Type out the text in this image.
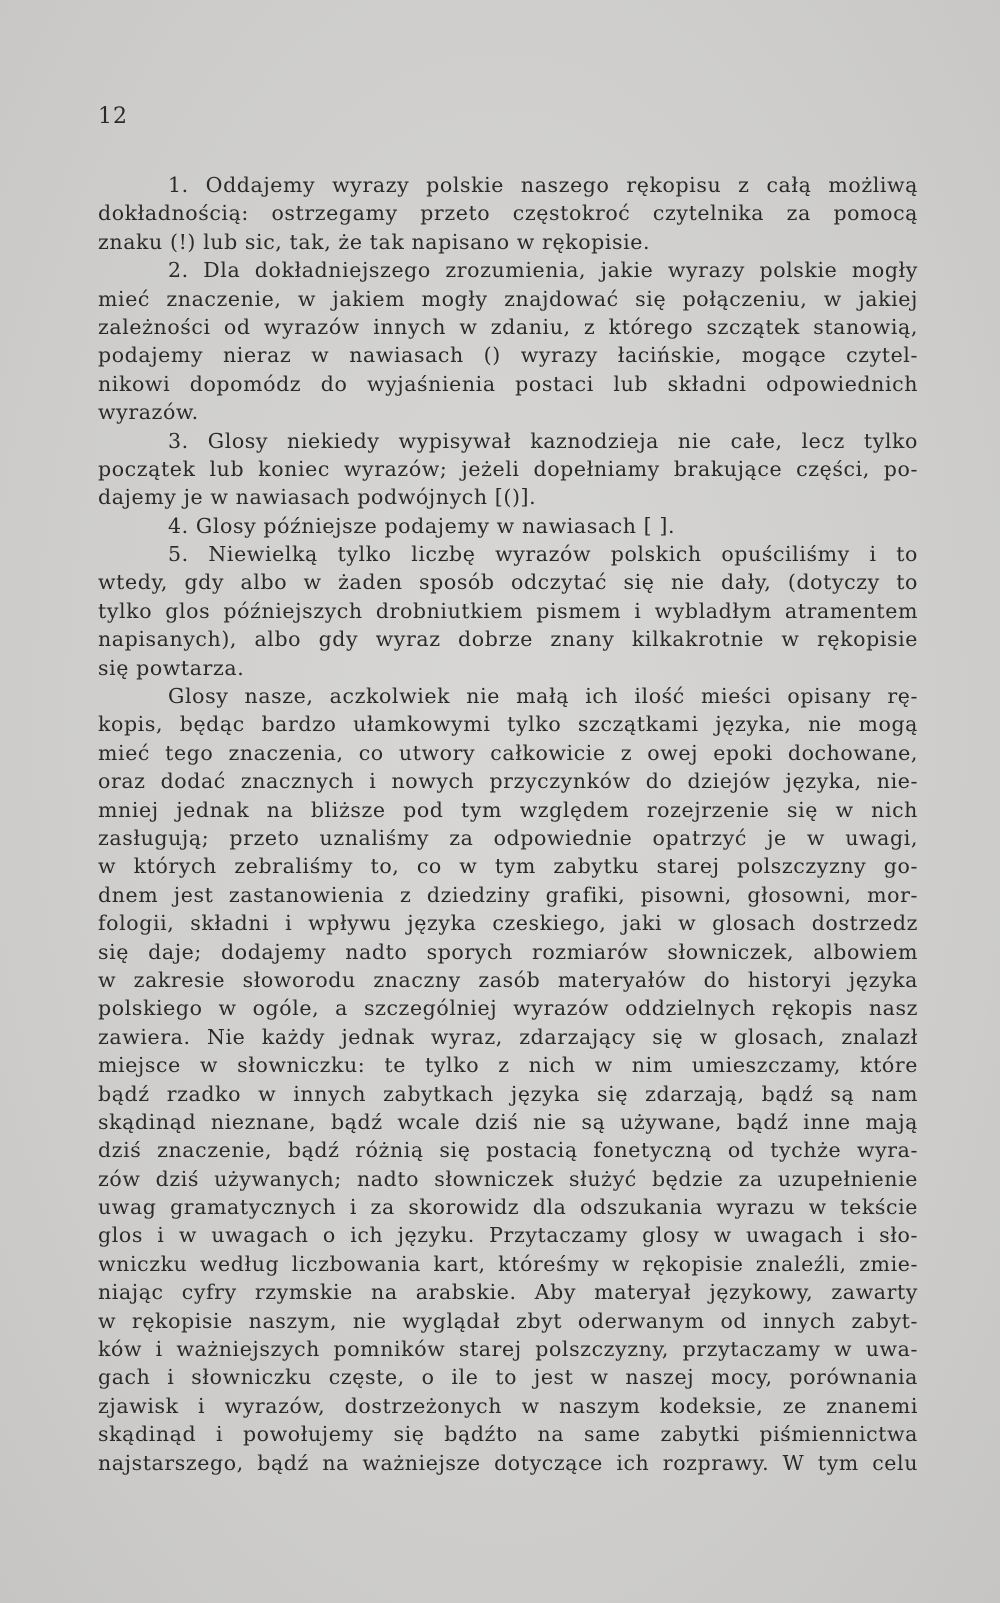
12
1. Oddajemy wyrazy polskie naszego rękopisu z całą możliwą
dokładnością: ostrzegamy przeto częstokroć czytelnika za pomocą
znaku (!) lub sic, tak, że tak napisano w rękopisie.
2. Dla dokładniejszego zrozumienia, jakie wyrazy polskie mogły
mieć znaczenie, w jakiem mogły znajdować się połączeniu, w jakiej
zależności od wyrazów innych w zdaniu, z którego szczątek stanowią,
podajemy nieraz w nawiasach () wyrazy łacińskie, mogące czytel-
nikowi dopomódz do wyjaśnienia postaci lub składni odpowiednich
wyrazów.
3. Glosy niekiedy wypisywał kaznodzieja nie całe, lecz tylko
początek lub koniec wyrazów; jeżeli dopełniamy brakujące części, po-
dajemy je w nawiasach podwójnych [()].
4. Glosy późniejsze podajemy w nawiasach [ ].
5. Niewielką tylko liczbę wyrazów polskich opuściliśmy i to
wtedy, gdy albo w żaden sposób odczytać się nie dały, (dotyczy to
tylko glos późniejszych drobniutkiem pismem i wybladłym atramentem
napisanych), albo gdy wyraz dobrze znany kilkakrotnie w rękopisie
się powtarza.
Glosy nasze, aczkolwiek nie małą ich ilość mieści opisany rę-
kopis, będąc bardzo ułamkowymi tylko szczątkami języka, nie mogą
mieć tego znaczenia, co utwory całkowicie z owej epoki dochowane,
oraz dodać znacznych i nowych przyczynków do dziejów języka, nie-
mniej jednak na bliższe pod tym względem rozejrzenie się w nich
zasługują; przeto uznaliśmy za odpowiednie opatrzyć je w uwagi,
w których zebraliśmy to, co w tym zabytku starej polszczyzny go-
dnem jest zastanowienia z dziedziny grafiki, pisowni, głosowni, mor-
fologii, składni i wpływu języka czeskiego, jaki w glosach dostrzedz
się daje; dodajemy nadto sporych rozmiarów słowniczek, albowiem
w zakresie słoworodu znaczny zasób materyałów do historyi języka
polskiego w ogóle, a szczególniej wyrazów oddzielnych rękopis nasz
zawiera. Nie każdy jednak wyraz, zdarzający się w glosach, znalazł
miejsce w słowniczku: te tylko z nich w nim umieszczamy, które
bądź rzadko w innych zabytkach języka się zdarzają, bądź są nam
skądinąd nieznane, bądź wcale dziś nie są używane, bądź inne mają
dziś znaczenie, bądź różnią się postacią fonetyczną od tychże wyra-
zów dziś używanych; nadto słowniczek służyć będzie za uzupełnienie
uwag gramatycznych i za skorowidz dla odszukania wyrazu w tekście
glos i w uwagach o ich języku. Przytaczamy glosy w uwagach i sło-
wniczku według liczbowania kart, któreśmy w rękopisie znaleźli, zmie-
niając cyfry rzymskie na arabskie. Aby materyał językowy, zawarty
w rękopisie naszym, nie wyglądał zbyt oderwanym od innych zabyt-
ków i ważniejszych pomników starej polszczyzny, przytaczamy w uwa-
gach i słowniczku częste, o ile to jest w naszej mocy, porównania
zjawisk i wyrazów, dostrzeżonych w naszym kodeksie, ze znanemi
skądinąd i powołujemy się bądźto na same zabytki piśmiennictwa
najstarszego, bądź na ważniejsze dotyczące ich rozprawy. W tym celu
